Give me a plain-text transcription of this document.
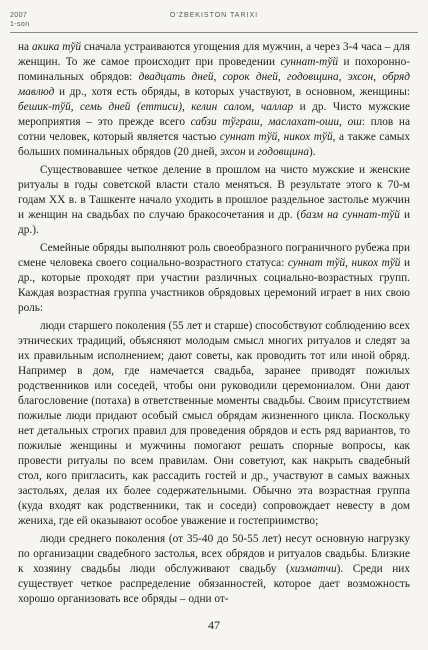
2007
1-son
O'ZBEKISTON TARIXI

на акика тўй сначала устраиваются угощения для мужчин, а через 3-4 часа – для женщин. То же самое происходит при проведении суннат-тўй и похоронно-поминальных обрядов: двадцать дней, сорок дней, годовщина, эхсон, обряд мавлюд и др., хотя есть обряды, в которых участвуют, в основном, женщины: бешик-тўй, семь дней (еттиси), келин салом, чаллар и др. Чисто мужские мероприятия – это прежде всего сабзи тўграш, маслахат-оши, ош: плов на сотни человек, который является частью суннат тўй, никох тўй, а также самых больших поминальных обрядов (20 дней, эхсон и годовщина).

Существовавшее четкое деление в прошлом на чисто мужские и женские ритуалы в годы советской власти стало меняться. В результате этого к 70-м годам XX в. в Ташкенте начало уходить в прошлое раздельное застолье мужчин и женщин на свадьбах по случаю бракосочетания и др. (базм на суннат-тўй и др.).

Семейные обряды выполняют роль своеобразного пограничного рубежа при смене человека своего социально-возрастного статуса: суннат тўй, никох тўй и др., которые проходят при участии различных социально-возрастных групп. Каждая возрастная группа участников обрядовых церемоний играет в них свою роль:

люди старшего поколения (55 лет и старше) способствуют соблюдению всех этнических традиций, объясняют молодым смысл многих ритуалов и следят за их правильным исполнением; дают советы, как проводить тот или иной обряд. Например в дом, где намечается свадьба, заранее приводят пожилых родственников или соседей, чтобы они руководили церемониалом. Они дают благословение (потаха) в ответственные моменты свадьбы. Своим присутствием пожилые люди придают особый смысл обрядам жизненного цикла. Поскольку нет детальных строгих правил для проведения обрядов и есть ряд вариантов, то пожилые женщины и мужчины помогают решать спорные вопросы, как провести ритуалы по всем правилам. Они советуют, как накрыть свадебный стол, кого пригласить, как рассадить гостей и др., участвуют в самых важных застольях, делая их более содержательными. Обычно эта возрастная группа (куда входят как родственники, так и соседи) сопровождает невесту в дом жениха, где ей оказывают особое уважение и гостеприимство;

люди среднего поколения (от 35-40 до 50-55 лет) несут основную нагрузку по организации свадебного застолья, всех обрядов и ритуалов свадьбы. Близкие к хозяину свадьбы люди обслуживают свадьбу (хизматчи). Среди них существует четкое распределение обязанностей, которое дает возможность хорошо организовать все обряды – одни от-

47
